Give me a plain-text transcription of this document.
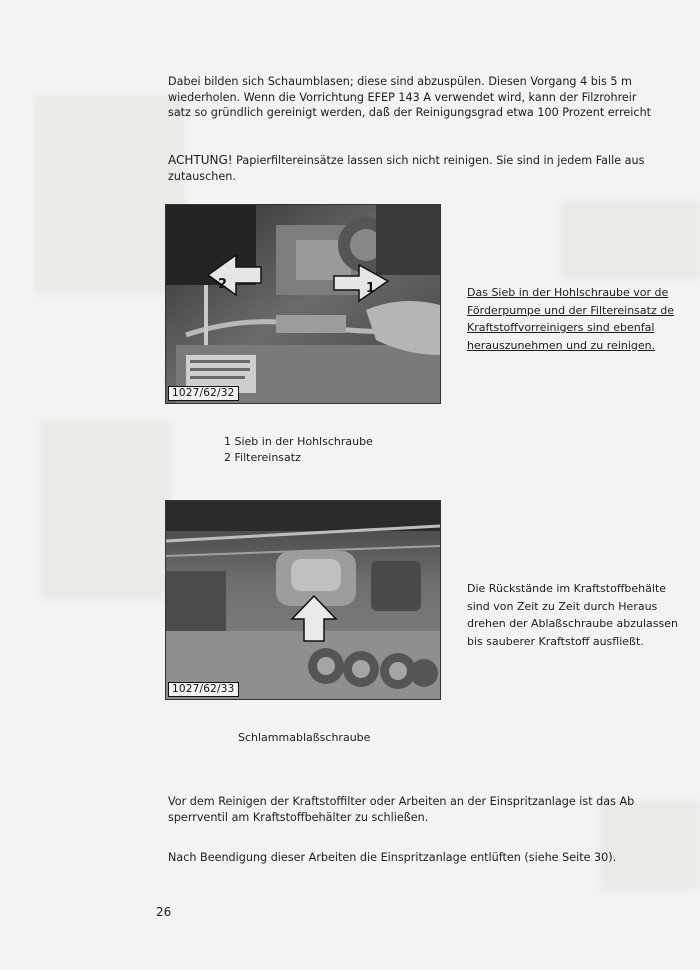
Dabei bilden sich Schaumblasen; diese sind abzuspülen. Diesen Vorgang 4 bis 5 m
wiederholen. Wenn die Vorrichtung EFEP 143 A verwendet wird, kann der Filzrohreir
satz so gründlich gereinigt werden, daß der Reinigungsgrad etwa 100 Prozent erreicht
ACHTUNG! Papierfiltereinsätze lassen sich nicht reinigen. Sie sind in jedem Falle aus
zutauschen.
2	1
1027/62/32
Das Sieb in der Hohlschraube vor de
Förderpumpe und der Filtereinsatz de
Kraftstoffvorreinigers sind ebenfal
herauszunehmen und zu reinigen.
1 Sieb in der Hohlschraube
2 Filtereinsatz
1027/62/33
Die Rückstände im Kraftstoffbehälte
sind von Zeit zu Zeit durch Heraus
drehen der Ablaßschraube abzulassen
bis sauberer Kraftstoff ausfließt.
Schlammablaßschraube
Vor dem Reinigen der Kraftstoffilter oder Arbeiten an der Einspritzanlage ist das Ab
sperrventil am Kraftstoffbehälter zu schließen.
Nach Beendigung dieser Arbeiten die Einspritzanlage entlüften (siehe Seite 30).
26
